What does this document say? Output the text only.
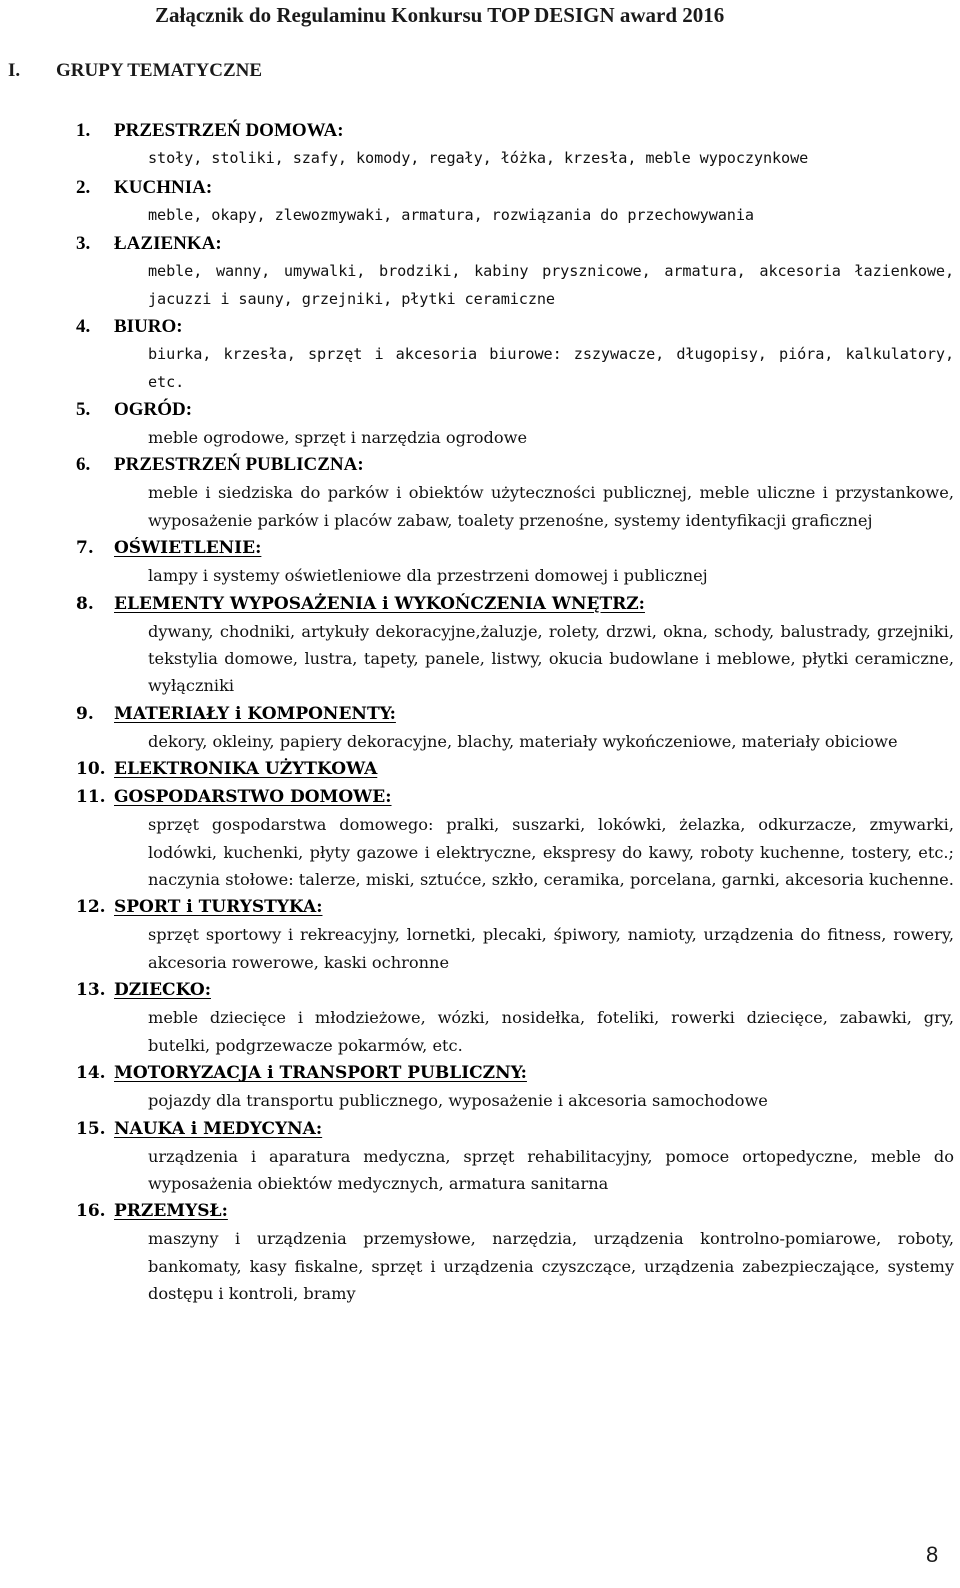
Załącznik do Regulaminu Konkursu TOP DESIGN award 2016
I. GRUPY TEMATYCZNE
1. PRZESTRZEŃ DOMOWA:
stoły, stoliki, szafy, komody, regały, łóżka, krzesła, meble wypoczynkowe
2. KUCHNIA:
meble, okapy, zlewozmywaki, armatura, rozwiązania do przechowywania
3. ŁAZIENKA:
meble, wanny, umywalki, brodziki, kabiny prysznicowe, armatura, akcesoria łazienkowe, jacuzzi i sauny, grzejniki, płytki ceramiczne
4. BIURO:
biurka, krzesła, sprzęt i akcesoria biurowe: zszywacze, długopisy, pióra, kalkulatory, etc.
5. OGRÓD:
meble ogrodowe, sprzęt i narzędzia ogrodowe
6. PRZESTRZEŃ PUBLICZNA:
meble i siedziska do parków i obiektów użyteczności publicznej, meble uliczne i przystankowe, wyposażenie parków i placów zabaw, toalety przenośne, systemy identyfikacji graficznej
7. OŚWIETLENIE:
lampy i systemy oświetleniowe dla przestrzeni domowej i publicznej
8. ELEMENTY WYPOSAŻENIA i WYKOŃCZENIA WNĘTRZ:
dywany, chodniki, artykuły dekoracyjne,żaluzje, rolety, drzwi, okna, schody, balustrady, grzejniki, tekstylia domowe, lustra, tapety, panele, listwy, okucia budowlane i meblowe, płytki ceramiczne, wyłączniki
9. MATERIAŁY i KOMPONENTY:
dekory, okleiny, papiery dekoracyjne, blachy, materiały wykończeniowe, materiały obiciowe
10. ELEKTRONIKA UŻYTKOWA
11. GOSPODARSTWO DOMOWE:
sprzęt gospodarstwa domowego: pralki, suszarki, lokówki, żelazka, odkurzacze, zmywarki, lodówki, kuchenki, płyty gazowe i elektryczne, ekspresy do kawy, roboty kuchenne, tostery, etc.; naczynia stołowe: talerze, miski, sztućce, szkło, ceramika, porcelana, garnki, akcesoria kuchenne.
12. SPORT i TURYSTYKA:
sprzęt sportowy i rekreacyjny, lornetki, plecaki, śpiwory, namioty, urządzenia do fitness, rowery, akcesoria rowerowe, kaski ochronne
13. DZIECKO:
meble dziecięce i młodzieżowe, wózki, nosidełka, foteliki, rowerki dziecięce, zabawki, gry, butelki, podgrzewacze pokarmów, etc.
14. MOTORYZACJA i TRANSPORT PUBLICZNY:
pojazdy dla transportu publicznego, wyposażenie i akcesoria samochodowe
15. NAUKA i MEDYCYNA:
urządzenia i aparatura medyczna, sprzęt rehabilitacyjny, pomoce ortopedyczne, meble do wyposażenia obiektów medycznych, armatura sanitarna
16. PRZEMYSŁ:
maszyny i urządzenia przemysłowe, narzędzia, urządzenia kontrolno-pomiarowe, roboty, bankomaty, kasy fiskalne, sprzęt i urządzenia czyszczące, urządzenia zabezpieczające, systemy dostępu i kontroli, bramy
8
